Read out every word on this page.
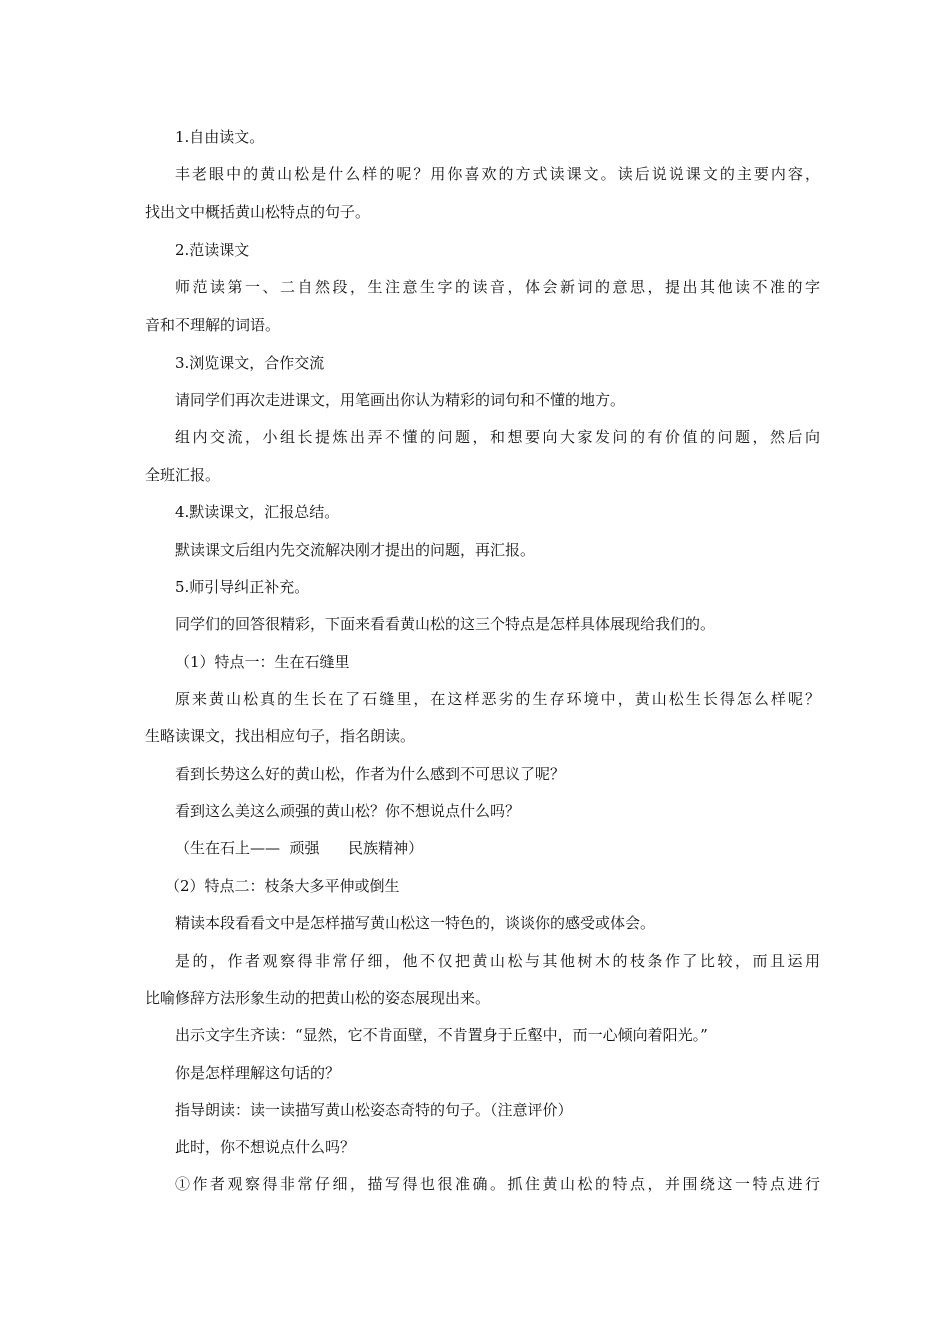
1.自由读文。
丰老眼中的黄山松是什么样的呢？用你喜欢的方式读课文。读后说说课文的主要内容，
找出文中概括黄山松特点的句子。
2.范读课文
师范读第一、二自然段，生注意生字的读音，体会新词的意思，提出其他读不准的字
音和不理解的词语。
3.浏览课文，合作交流
请同学们再次走进课文，用笔画出你认为精彩的词句和不懂的地方。
组内交流，小组长提炼出弄不懂的问题，和想要向大家发问的有价值的问题，然后向
全班汇报。
4.默读课文，汇报总结。
默读课文后组内先交流解决刚才提出的问题，再汇报。
5.师引导纠正补充。
同学们的回答很精彩，下面来看看黄山松的这三个特点是怎样具体展现给我们的。
（1）特点一：生在石缝里
原来黄山松真的生长在了石缝里，在这样恶劣的生存环境中，黄山松生长得怎么样呢？
生略读课文，找出相应句子，指名朗读。
看到长势这么好的黄山松，作者为什么感到不可思议了呢？
看到这么美这么顽强的黄山松？你不想说点什么吗？
（生在石上——  顽强      民族精神）
（2）特点二：枝条大多平伸或倒生
精读本段看看文中是怎样描写黄山松这一特色的，谈谈你的感受或体会。
是的，作者观察得非常仔细，他不仅把黄山松与其他树木的枝条作了比较，而且运用
比喻修辞方法形象生动的把黄山松的姿态展现出来。
出示文字生齐读：“显然，它不肯面壁，不肯置身于丘壑中，而一心倾向着阳光。”
你是怎样理解这句话的？
指导朗读：读一读描写黄山松姿态奇特的句子。（注意评价）
此时，你不想说点什么吗？
①作者观察得非常仔细，描写得也很准确。抓住黄山松的特点，并围绕这一特点进行
